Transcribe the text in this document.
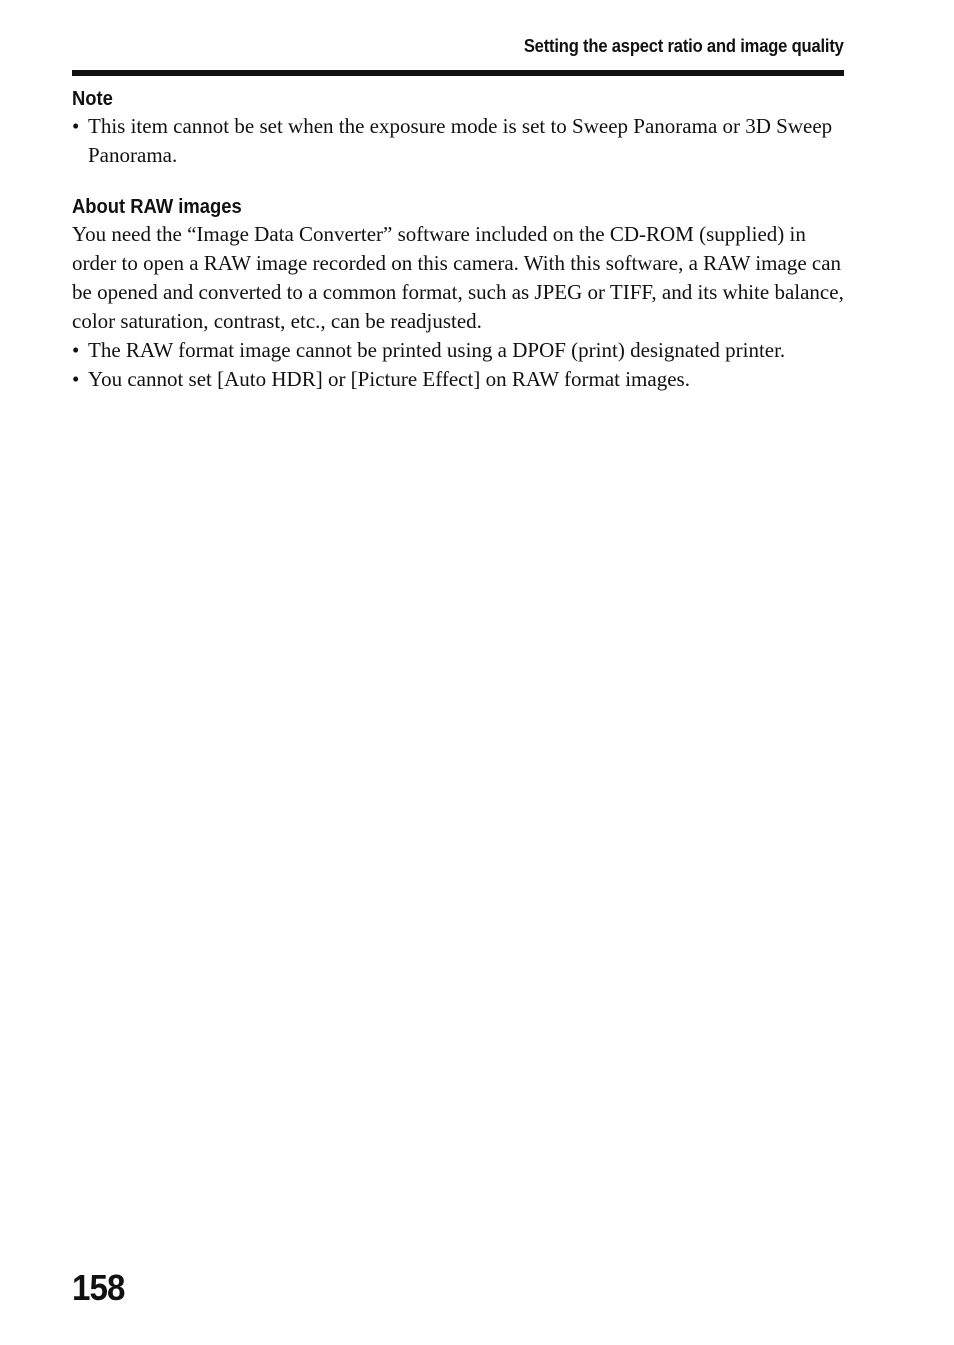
Setting the aspect ratio and image quality
Note
• This item cannot be set when the exposure mode is set to Sweep Panorama or 3D Sweep Panorama.
About RAW images

You need the “Image Data Converter” software included on the CD-ROM (supplied) in order to open a RAW image recorded on this camera. With this software, a RAW image can be opened and converted to a common format, such as JPEG or TIFF, and its white balance, color saturation, contrast, etc., can be readjusted.

• The RAW format image cannot be printed using a DPOF (print) designated printer.
• You cannot set [Auto HDR] or [Picture Effect] on RAW format images.
158
